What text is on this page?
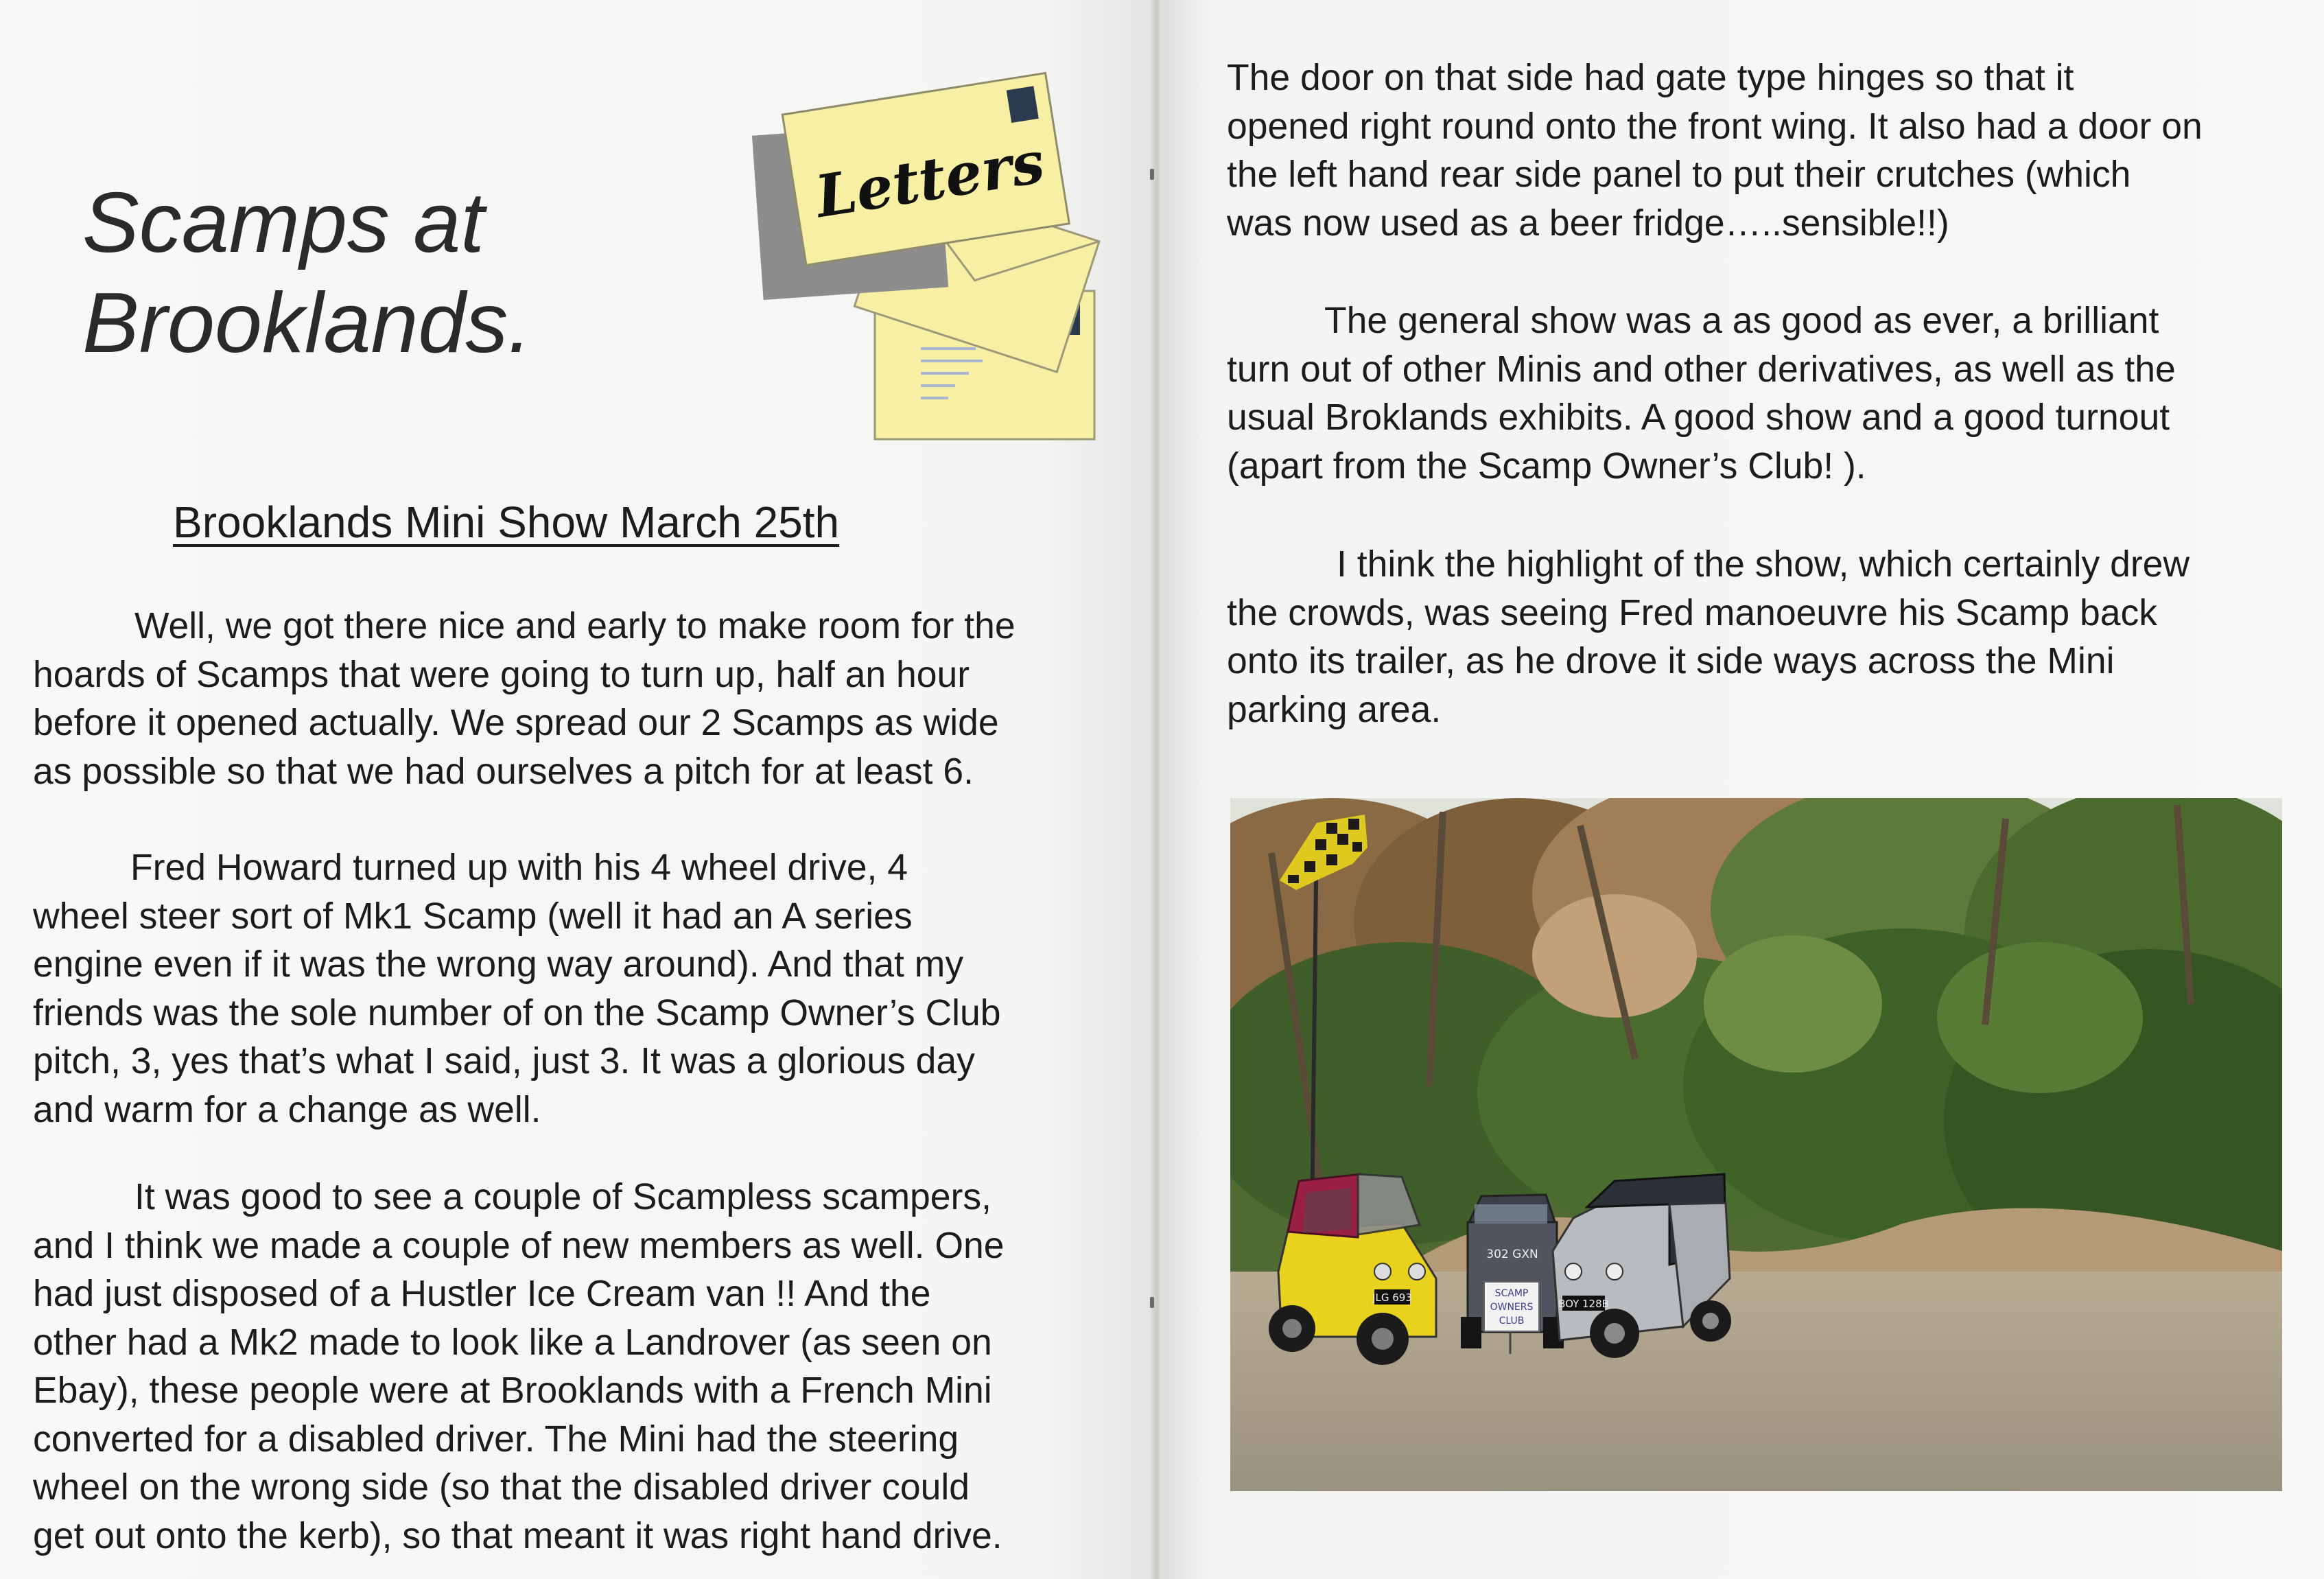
Scamps at
Brooklands.
Letters
Brooklands Mini Show March 25th

Well, we got there nice and early to make room for the
hoards of Scamps that were going to turn up, half an hour
before it opened actually. We spread our 2 Scamps as wide
as possible so that we had ourselves a pitch for at least 6.

Fred Howard turned up with his 4 wheel drive, 4
wheel steer sort of Mk1 Scamp (well it had an A series
engine even if it was the wrong way around). And that my
friends was the sole number of on the Scamp Owner’s Club
pitch, 3, yes that’s what I said, just 3. It was a glorious day
and warm for a change as well.

It was good to see a couple of Scampless scampers,
and I think we made a couple of new members as well. One
had just disposed of a Hustler Ice Cream van !! And the
other had a Mk2 made to look like a Landrover (as seen on
Ebay), these people were at Brooklands with a French Mini
converted for a disabled driver. The Mini had the steering
wheel on the wrong side (so that the disabled driver could
get out onto the kerb), so that meant it was right hand drive.

The door on that side had gate type hinges so that it
opened right round onto the front wing. It also had a door on
the left hand rear side panel to put their crutches (which
was now used as a beer fridge…..sensible!!)

The general show was a as good as ever, a brilliant
turn out of other Minis and other derivatives, as well as the
usual Broklands exhibits. A good show and a good turnout
(apart from the Scamp Owner’s Club! ).

I think the highlight of the show, which certainly drew
the crowds, was seeing Fred manoeuvre his Scamp back
onto its trailer, as he drove it side ways across the Mini
parking area.

JLG 693
302 GXN
SCAMP
OWNERS
CLUB
BOY 128B
